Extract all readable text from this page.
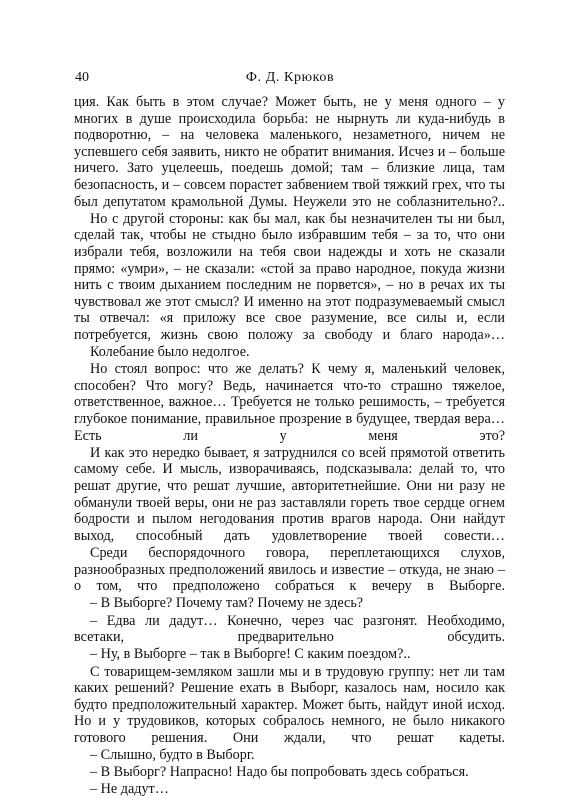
40	Ф. Д. Крюков

ция. Как быть в этом случае? Может быть, не у меня одного – у многих в душе происходила борьба: не нырнуть ли куда-нибудь в подворотню, – на человека маленького, незаметного, ничем не успевшего себя заявить, никто не обратит внимания. Исчез и – больше ничего. Зато уцелеешь, поедешь домой; там – близкие лица, там безопасность, и – совсем порастет забвением твой тяжкий грех, что ты был депутатом крамольной Думы. Неужели это не соблазнительно?..

Но с другой стороны: как бы мал, как бы незначителен ты ни был, сделай так, чтобы не стыдно было избравшим тебя – за то, что они избрали тебя, возложили на тебя свои надежды и хоть не сказали прямо: «умри», – не сказали: «стой за право народное, покуда жизни нить с твоим дыханием последним не порвется», – но в речах их ты чувствовал же этот смысл? И именно на этот подразумеваемый смысл ты отвечал: «я приложу все свое разумение, все силы и, если потребуется, жизнь свою положу за свободу и благо народа»…

Колебание было недолгое.

Но стоял вопрос: что же делать? К чему я, маленький человек, способен? Что могу? Ведь, начинается что-то страшно тяжелое, ответственное, важное… Требуется не только решимость, – требуется глубокое понимание, правильное прозрение в будущее, твердая вера… Есть ли у меня это?

И как это нередко бывает, я затруднился со всей прямотой ответить самому себе. И мысль, изворачиваясь, подсказывала: делай то, что решат другие, что решат лучшие, авторитетнейшие. Они ни разу не обманули твоей веры, они не раз заставляли гореть твое сердце огнем бодрости и пылом негодования против врагов народа. Они найдут выход, способный дать удовлетворение твоей совести…

Среди беспорядочного говора, переплетающихся слухов, разнообразных предположений явилось и известие – откуда, не знаю – о том, что предположено собраться к вечеру в Выборге.

– В Выборге? Почему там? Почему не здесь?

– Едва ли дадут… Конечно, через час разгонят. Необходимо, всетаки, предварительно обсудить.

– Ну, в Выборге – так в Выборге! С каким поездом?..

С товарищем-земляком зашли мы и в трудовую группу: нет ли там каких решений? Решение ехать в Выборг, казалось нам, носило как будто предположительный характер. Может быть, найдут иной исход. Но и у трудовиков, которых собралось немного, не было никакого готового решения. Они ждали, что решат кадеты.

– Слышно, будто в Выборг.

– В Выборг? Напрасно! Надо бы попробовать здесь собраться.

– Не дадут…
